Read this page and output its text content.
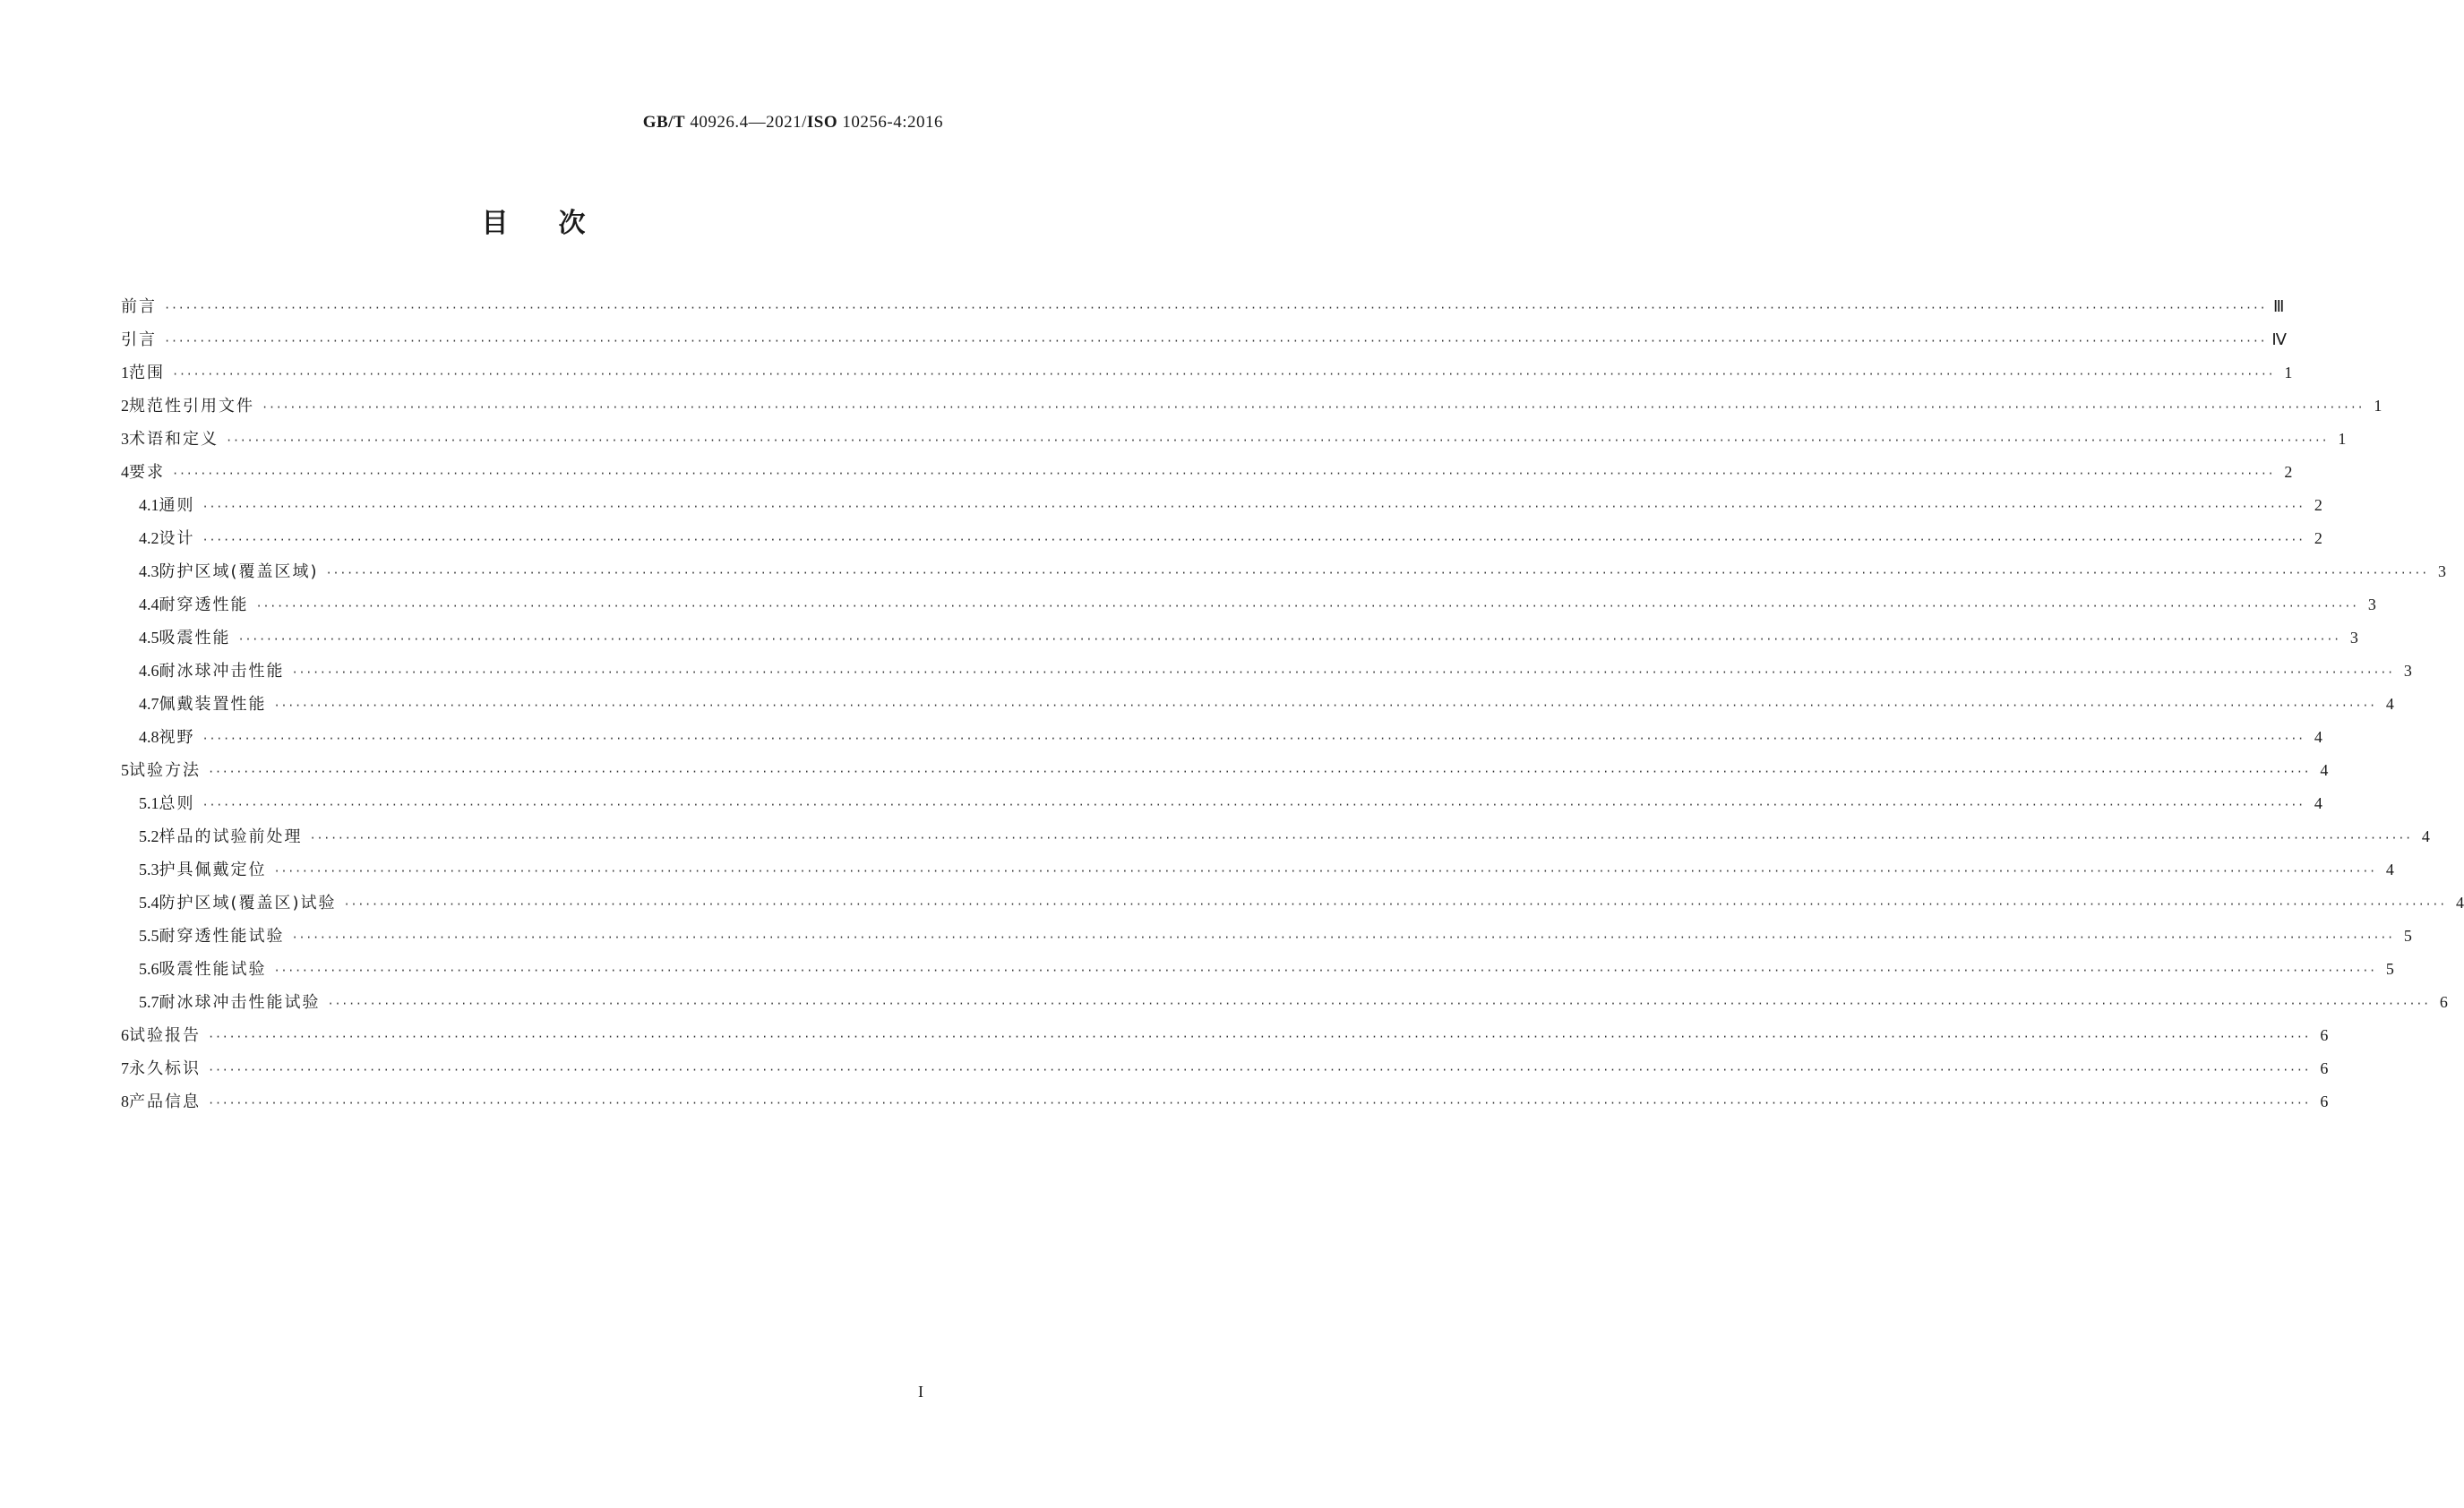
GB/T 40926.4—2021/ISO 10256-4:2016
目次
前言 ············································································································································································································································································································ Ⅲ
引言 ············································································································································································································································································································ Ⅳ
1 范围 ············································································································································································································································································································ 1
2 规范性引用文件 ············································································································································································································································································································ 1
3 术语和定义 ············································································································································································································································································································ 1
4 要求 ············································································································································································································································································································ 2
4.1 通则 ············································································································································································································································································································ 2
4.2 设计 ············································································································································································································································································································ 2
4.3 防护区域(覆盖区域) ············································································································································································································································································································ 3
4.4 耐穿透性能 ············································································································································································································································································································ 3
4.5 吸震性能 ············································································································································································································································································································ 3
4.6 耐冰球冲击性能 ············································································································································································································································································································ 3
4.7 佩戴装置性能 ············································································································································································································································································································ 4
4.8 视野 ············································································································································································································································································································ 4
5 试验方法 ············································································································································································································································································································ 4
5.1 总则 ············································································································································································································································································································ 4
5.2 样品的试验前处理 ············································································································································································································································································································ 4
5.3 护具佩戴定位 ············································································································································································································································································································ 4
5.4 防护区域(覆盖区)试验 ············································································································································································································································································································ 4
5.5 耐穿透性能试验 ············································································································································································································································································································ 5
5.6 吸震性能试验 ············································································································································································································································································································ 5
5.7 耐冰球冲击性能试验 ············································································································································································································································································································ 6
6 试验报告 ············································································································································································································································································································ 6
7 永久标识 ············································································································································································································································································································ 6
8 产品信息 ············································································································································································································································································································ 6
I
